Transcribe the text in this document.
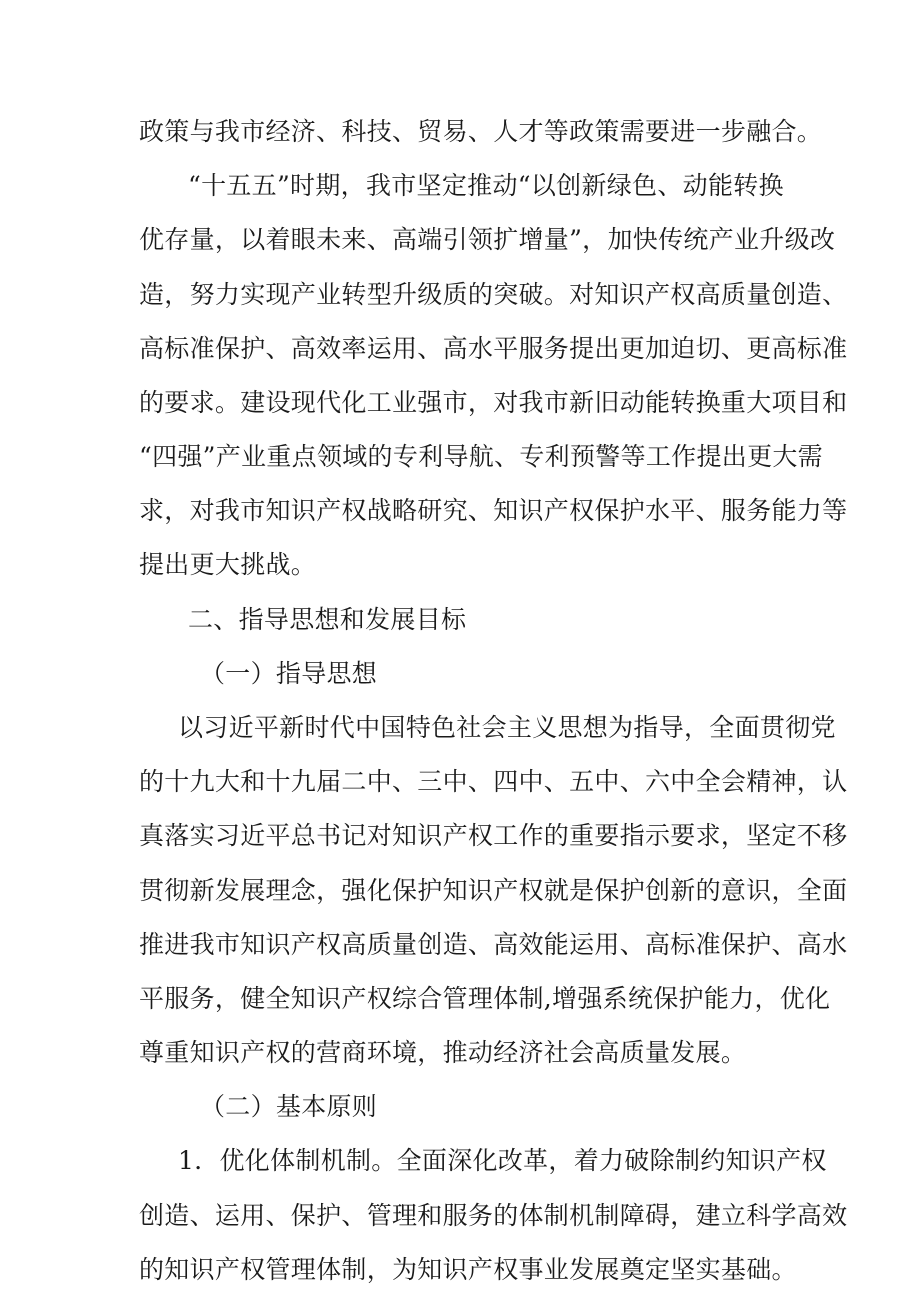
政策与我市经济、科技、贸易、人才等政策需要进一步融合。
“十五五”时期，我市坚定推动“以创新绿色、动能转换
优存量，以着眼未来、高端引领扩增量”，加快传统产业升级改
造，努力实现产业转型升级质的突破。对知识产权高质量创造、
高标准保护、高效率运用、高水平服务提出更加迫切、更高标准
的要求。建设现代化工业强市，对我市新旧动能转换重大项目和
“四强”产业重点领域的专利导航、专利预警等工作提出更大需
求，对我市知识产权战略研究、知识产权保护水平、服务能力等
提出更大挑战。
二、指导思想和发展目标
（一）指导思想
以习近平新时代中国特色社会主义思想为指导，全面贯彻党
的十九大和十九届二中、三中、四中、五中、六中全会精神，认
真落实习近平总书记对知识产权工作的重要指示要求，坚定不移
贯彻新发展理念，强化保护知识产权就是保护创新的意识，全面
推进我市知识产权高质量创造、高效能运用、高标准保护、高水
平服务，健全知识产权综合管理体制,增强系统保护能力，优化
尊重知识产权的营商环境，推动经济社会高质量发展。
（二）基本原则
1．优化体制机制。全面深化改革，着力破除制约知识产权
创造、运用、保护、管理和服务的体制机制障碍，建立科学高效
的知识产权管理体制，为知识产权事业发展奠定坚实基础。
